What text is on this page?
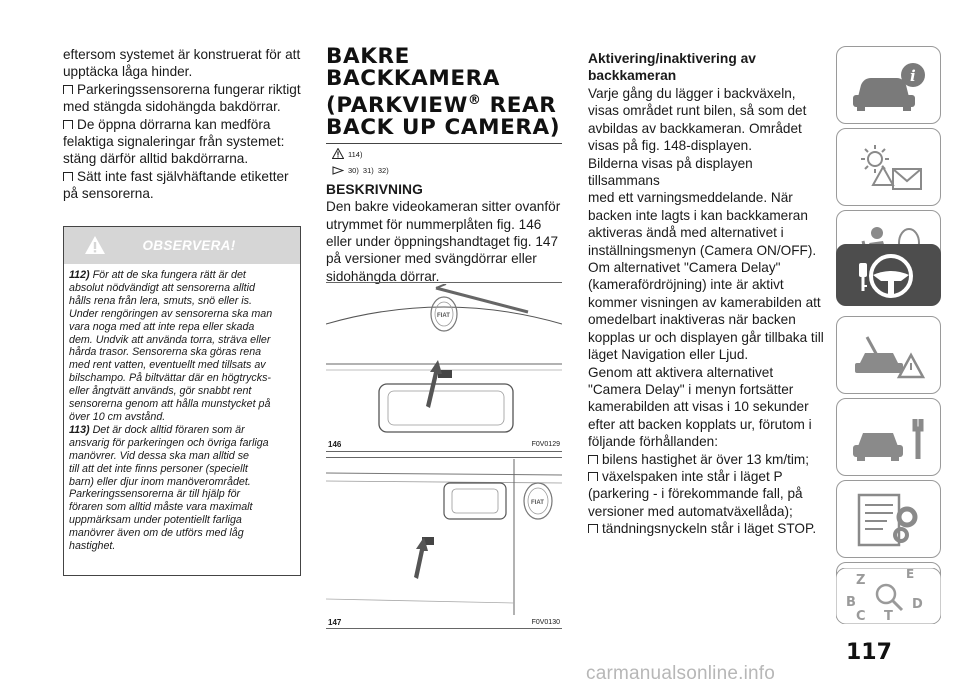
eftersom systemet är konstruerat för att
upptäcka låga hinder.
Parkeringssensorerna fungerar riktigt
med stängda sidohängda bakdörrar.
De öppna dörrarna kan medföra
felaktiga signaleringar från systemet:
stäng därför alltid bakdörrarna.
Sätt inte fast självhäftande etiketter
på sensorerna.
OBSERVERA!
112) För att de ska fungera rätt är det
absolut nödvändigt att sensorerna alltid
hålls rena från lera, smuts, snö eller is.
Under rengöringen av sensorerna ska man
vara noga med att inte repa eller skada
dem. Undvik att använda torra, sträva eller
hårda trasor. Sensorerna ska göras rena
med rent vatten, eventuellt med tillsats av
bilschampo. På biltvättar där en högtrycks-
eller ångtvätt används, gör snabbt rent
sensorerna genom att hålla munstycket på
över 10 cm avstånd.
113) Det är dock alltid föraren som är
ansvarig för parkeringen och övriga farliga
manövrer. Vid dessa ska man alltid se
till att det inte finns personer (speciellt
barn) eller djur inom manöverområdet.
Parkeringssensorerna är till hjälp för
föraren som alltid måste vara maximalt
uppmärksam under potentiellt farliga
manövrer även om de utförs med låg
hastighet.
BAKRE
BACKKAMERA
(PARKVIEW® REAR
BACK UP CAMERA)
114)
30) 31) 32)
BESKRIVNING
Den bakre videokameran sitter ovanför
utrymmet för nummerplåten fig. 146
eller under öppningshandtaget fig. 147
på versioner med svängdörrar eller
sidohängda dörrar.
FIAT
146	F0V0129
FIAT
147	F0V0130
Aktivering/inaktivering av
backkameran
Varje gång du lägger i backväxeln,
visas området runt bilen, så som det
avbildas av backkameran. Området
visas på fig. 148-displayen.
Bilderna visas på displayen tillsammans
med ett varningsmeddelande. När
backen inte lagts i kan backkameran
aktiveras ändå med alternativet i
inställningsmenyn (Camera ON/OFF).
Om alternativet "Camera Delay"
(kamerafördröjning) inte är aktivt
kommer visningen av kamerabilden att
omedelbart inaktiveras när backen
kopplas ur och displayen går tillbaka till
läget Navigation eller Ljud.
Genom att aktivera alternativet
"Camera Delay" i menyn fortsätter
kamerabilden att visas i 10 sekunder
efter att backen kopplats ur, förutom i
följande förhållanden:
bilens hastighet är över 13 km/tim;
växelspaken inte står i läget P
(parkering - i förekommande fall, på
versioner med automatväxellåda);
tändningsnyckeln står i läget STOP.
i
Z	E
B
C T
D
117
carmanualsonline.info
